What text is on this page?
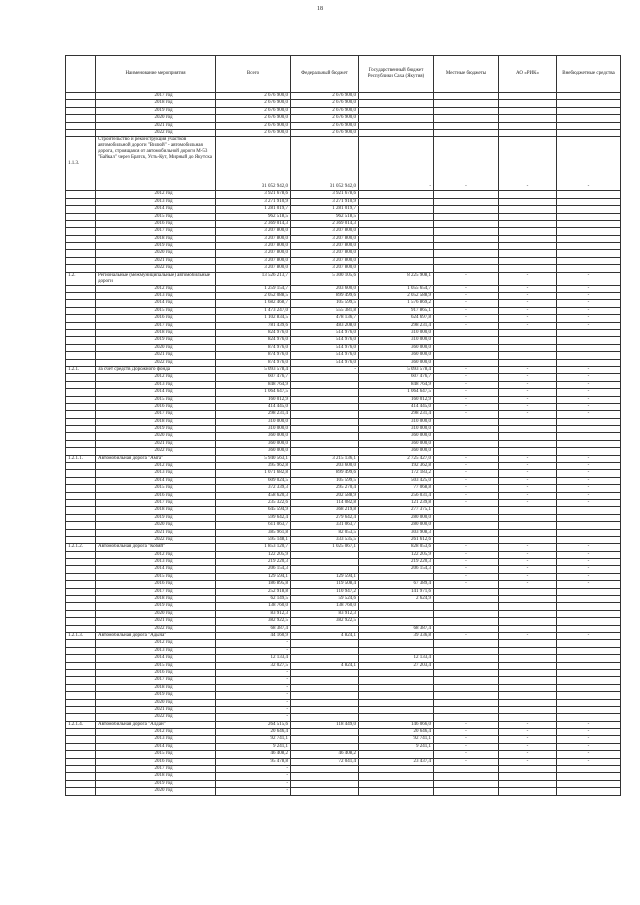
18
	Наименование мероприятия	Всего	Федеральный бюджет	Государственный бюджет Республики Саха (Якутия)	Местные бюджеты	АО «РИК»	Внебюджетные средства
	2017 год	2 676 900,0	2 676 900,0				
	2018 год	2 676 900,0	2 676 900,0				
	2019 год	2 676 900,0	2 676 900,0				
	2020 год	2 676 900,0	2 676 900,0				
	2021 год	2 676 900,0	2 676 900,0				
	2022 год	2 676 900,0	2 676 900,0				
1.1.3.	Строительство и реконструкция участков автомобильной дороги "Вилюй" - автомобильная дорога, строящаяся от автомобильной дороги М-53 "Байкал" через Братск, Усть-Кут, Мирный до Якутска	31 052 942,0	31 052 942,0	-	-	-	-
	2012 год	3 921 678,6	3 921 678,6				
	2013 год	3 271 910,9	3 271 910,9				
	2014 год	1 281 019,7	1 281 019,7				
	2015 год	962 518,5	962 518,5				
	2016 год	2 369 014,3	2 369 014,3				
	2017 год	3 207 800,0	3 207 800,0				
	2018 год	3 207 800,0	3 207 800,0				
	2019 год	3 207 800,0	3 207 800,0				
	2020 год	3 207 800,0	3 207 800,0				
	2021 год	3 207 800,0	3 207 800,0				
	2022 год	3 207 800,0	3 207 800,0				
1.2.	Региональные (межмуниципальные) автомобильные дороги	13 526 213,7	5 300 105,6	8 225 908,1	-	-	-
	2012 год	1 259 154,7	203 600,0	1 055 654,7	-	-	-
	2013 год	2 052 088,5	899 499,6	2 052 588,9	-	-	-
	2014 год	1 682 468,7	105 599,5	1 576 869,2	-	-	-
	2015 год	1 473 247,0	555 381,8	917 865,1	-	-	-
	2016 год	1 102 834,5	478 136,7	624 697,8	-	-	-
	2017 год	781 439,6	483 208,0	298 231,4	-	-	-
	2018 год	824 976,0	514 976,0	310 000,0			
	2019 год	824 976,0	514 976,0	310 000,0			
	2020 год	874 976,0	514 976,0	360 000,0			
	2021 год	874 976,0	514 976,0	360 000,0			
	2022 год	874 976,0	514 976,0	360 000,0			
1.2.1.	За счет средств Дорожного фонда	5 093 578,4	-	5 093 578,4	-	-	-
	2012 год	607 476,7		607 476,7	-	-	-
	2013 год	848 764,9		848 764,9	-	-	-
	2014 год	1 064 647,5		1 064 647,5	-	-	-
	2015 год	160 012,9		160 012,9	-	-	-
	2016 год	414 445,0		414 445,0	-	-	-
	2017 год	298 231,4		298 231,4	-	-	-
	2018 год	310 000,0		310 000,0			
	2019 год	310 000,0		310 000,0			
	2020 год	360 000,0		360 000,0			
	2021 год	360 000,0		360 000,0			
	2022 год	360 000,0		360 000,0			
1.2.1.1.	Автомобильная дорога "Амга"	5 940 563,1	3 215 136,1	2 725 427,0	-	-	-
	2012 год	395 962,8	203 600,0	192 362,8	-	-	-
	2013 год	1 071 682,8	899 499,6	172 183,2	-	-	-
	2014 год	609 024,5	105 599,5	503 425,0	-	-	-
	2015 год	372 339,3	295 270,4	77 068,8	-	-	-
	2016 год	458 620,3	202 588,9	256 031,4	-	-	-
	2017 год	235 322,6	114 082,8	121 239,8	-	-	-
	2018 год	645 594,9	368 219,8	277 375,1			
	2019 год	599 642,4	279 642,4	280 000,0			
	2020 год	611 063,7	331 063,7	280 000,0			
	2021 год	385 961,8	82 053,5	303 908,3			
	2022 год	595 148,1	333 535,5	261 612,6			
1.2.1.2.	Автомобильная дорога "Кобяй"	1 853 120,7	1 025 067,1	828 053,6	-	-	-
	2012 год	122 205,9		122 205,9	-	-	-
	2013 год	219 220,3		219 220,3	-	-	-
	2014 год	206 154,3		206 154,3	-	-	-
	2015 год	129 594,1	129 594,1		-	-	-
	2016 год	186 895,8	119 508,4	67 389,4	-	-	-
	2017 год	252 918,8	110 947,2	141 971,6			
	2018 год	62 149,5	59 524,6	2 624,9			
	2019 год	138 760,0	138 760,0				
	2020 год	83 912,3	83 912,3				
	2021 год	382 922,5	382 922,5				
	2022 год	68 387,4		68 387,4			
1.2.1.3.	Автомобильная дорога "Адыча"	44 160,9	4 824,1	39 336,8	-	-	-
	2012 год	-					
	2013 год	-					
	2014 год	12 133,4		12 133,4			
	2015 год	32 027,5	4 824,1	27 203,4			
	2016 год	-					
	2017 год	-					
	2018 год	-					
	2019 год	-					
	2020 год	-					
	2021 год	-					
	2022 год	-					
1.2.1.4.	Автомобильная дорога "Алдан"	264 515,6	118 449,0	146 066,0	-	-	-
	2012 год	20 646,4		20 646,4	-	-	-
	2013 год	92 741,1		92 741,1	-	-	-
	2014 год	9 241,1		9 241,1	-	-	-
	2015 год	46 408,2	46 408,2		-	-	-
	2016 год	95 478,8	72 041,4	23 437,4	-	-	-
	2017 год	-					
	2018 год	-					
	2019 год	-					
	2020 год	-					
